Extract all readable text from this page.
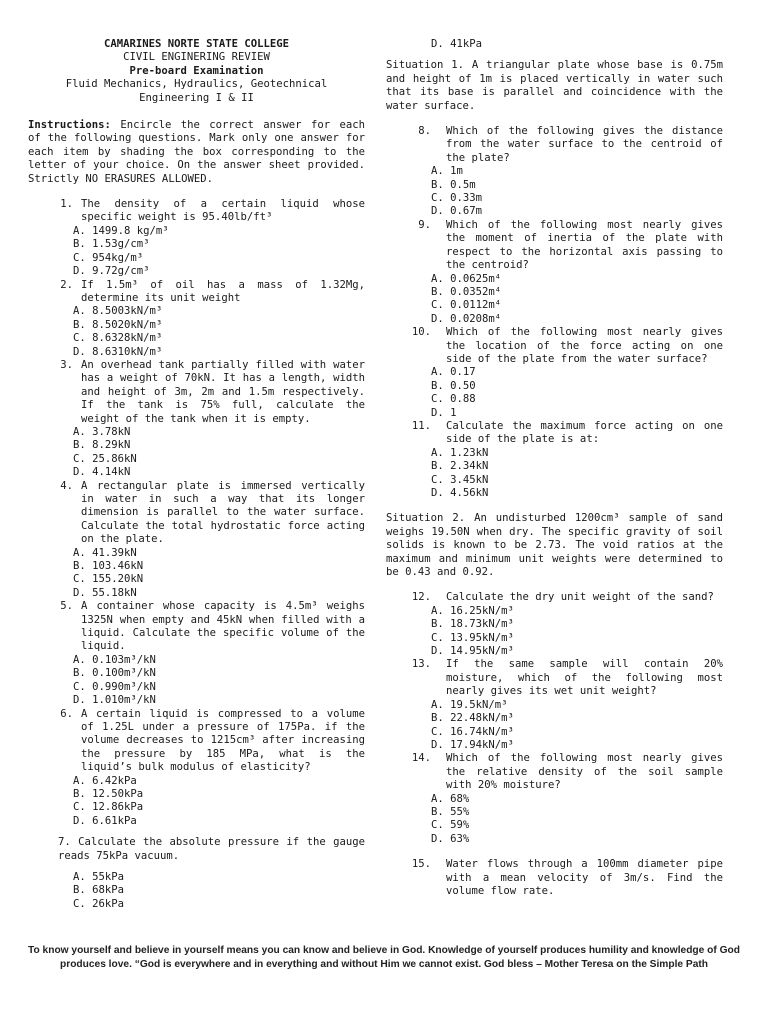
CAMARINES NORTE STATE COLLEGE
CIVIL ENGINERING REVIEW
Pre-board Examination
Fluid Mechanics, Hydraulics, Geotechnical
Engineering I & II
Instructions: Encircle the correct answer for each of the following questions. Mark only one answer for each item by shading the box corresponding to the letter of your choice. On the answer sheet provided. Strictly NO ERASURES ALLOWED.
1. The density of a certain liquid whose specific weight is 95.40lb/ft³
A. 1499.8 kg/m³
B. 1.53g/cm³
C. 954kg/m³
D. 9.72g/cm³
2. If 1.5m³ of oil has a mass of 1.32Mg, determine its unit weight
A. 8.5003kN/m³
B. 8.5020kN/m³
C. 8.6328kN/m³
D. 8.6310kN/m³
3. An overhead tank partially filled with water has a weight of 70kN. It has a length, width and height of 3m, 2m and 1.5m respectively. If the tank is 75% full, calculate the weight of the tank when it is empty.
A. 3.78kN
B. 8.29kN
C. 25.86kN
D. 4.14kN
4. A rectangular plate is immersed vertically in water in such a way that its longer dimension is parallel to the water surface. Calculate the total hydrostatic force acting on the plate.
A. 41.39kN
B. 103.46kN
C. 155.20kN
D. 55.18kN
5. A container whose capacity is 4.5m³ weighs 1325N when empty and 45kN when filled with a liquid. Calculate the specific volume of the liquid.
A. 0.103m³/kN
B. 0.100m³/kN
C. 0.990m³/kN
D. 1.010m³/kN
6. A certain liquid is compressed to a volume of 1.25L under a pressure of 175Pa. if the volume decreases to 1215cm³ after increasing the pressure by 185 MPa, what is the liquid’s bulk modulus of elasticity?
A. 6.42kPa
B. 12.50kPa
C. 12.86kPa
D. 6.61kPa
7. Calculate the absolute pressure if the gauge reads 75kPa vacuum.
A. 55kPa
B. 68kPa
C. 26kPa
D. 41kPa
Situation 1. A triangular plate whose base is 0.75m and height of 1m is placed vertically in water such that its base is parallel and coincidence with the water surface.
8.	Which of the following gives the distance from the water surface to the centroid of the plate?
A. 1m
B. 0.5m
C. 0.33m
D. 0.67m
9.	Which of the following most nearly gives the moment of inertia of the plate with respect to the horizontal axis passing to the centroid?
A. 0.0625m⁴
B. 0.0352m⁴
C. 0.0112m⁴
D. 0.0208m⁴
10.	Which of the following most nearly gives the location of the force acting on one side of the plate from the water surface?
A. 0.17
B. 0.50
C. 0.88
D. 1
11.	Calculate the maximum force acting on one side of the plate is at:
A. 1.23kN
B. 2.34kN
C. 3.45kN
D. 4.56kN
Situation 2. An undisturbed 1200cm³ sample of sand weighs 19.50N when dry. The specific gravity of soil solids is known to be 2.73. The void ratios at the maximum and minimum unit weights were determined to be 0.43 and 0.92.
12.	Calculate the dry unit weight of the sand?
A. 16.25kN/m³
B. 18.73kN/m³
C. 13.95kN/m³
D. 14.95kN/m³
13.	If the same sample will contain 20% moisture, which of the following most nearly gives its wet unit weight?
A. 19.5kN/m³
B. 22.48kN/m³
C. 16.74kN/m³
D. 17.94kN/m³
14.	Which of the following most nearly gives the relative density of the soil sample with 20% moisture?
A. 68%
B. 55%
C. 59%
D. 63%
15.	Water flows through a 100mm diameter pipe with a mean velocity of 3m/s. Find the volume flow rate.
To know yourself and believe in yourself means you can know and believe in God. Knowledge of yourself produces humility and knowledge of God produces love. “God is everywhere and in everything and without Him we cannot exist. God bless – Mother Teresa on the Simple Path
